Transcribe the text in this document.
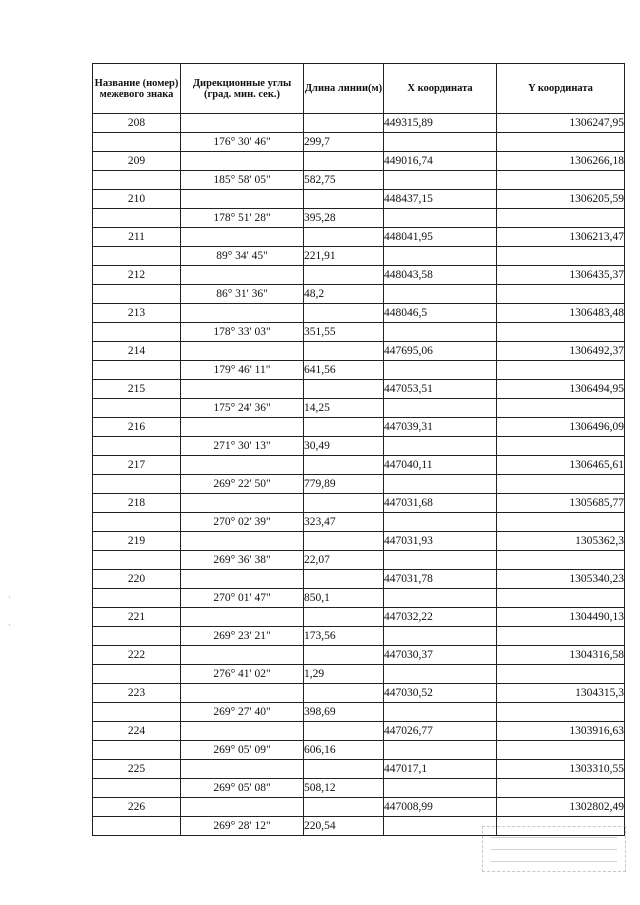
Название (номер) межевого знака	Дирекционные углы (град. мин. сек.)	Длина линии(м)	X координата	Y координата
208			449315,89	1306247,95
	176° 30' 46"	299,7		
209			449016,74	1306266,18
	185° 58' 05"	582,75		
210			448437,15	1306205,59
	178° 51' 28"	395,28		
211			448041,95	1306213,47
	89° 34' 45"	221,91		
212			448043,58	1306435,37
	86° 31' 36"	48,2		
213			448046,5	1306483,48
	178° 33' 03"	351,55		
214			447695,06	1306492,37
	179° 46' 11"	641,56		
215			447053,51	1306494,95
	175° 24' 36"	14,25		
216			447039,31	1306496,09
	271° 30' 13"	30,49		
217			447040,11	1306465,61
	269° 22' 50"	779,89		
218			447031,68	1305685,77
	270° 02' 39"	323,47		
219			447031,93	1305362,3
	269° 36' 38"	22,07		
220			447031,78	1305340,23
	270° 01' 47"	850,1		
221			447032,22	1304490,13
	269° 23' 21"	173,56		
222			447030,37	1304316,58
	276° 41' 02"	1,29		
223			447030,52	1304315,3
	269° 27' 40"	398,69		
224			447026,77	1303916,63
	269° 05' 09"	606,16		
225			447017,1	1303310,55
	269° 05' 08"	508,12		
226			447008,99	1302802,49
	269° 28' 12"	220,54		
·
·
